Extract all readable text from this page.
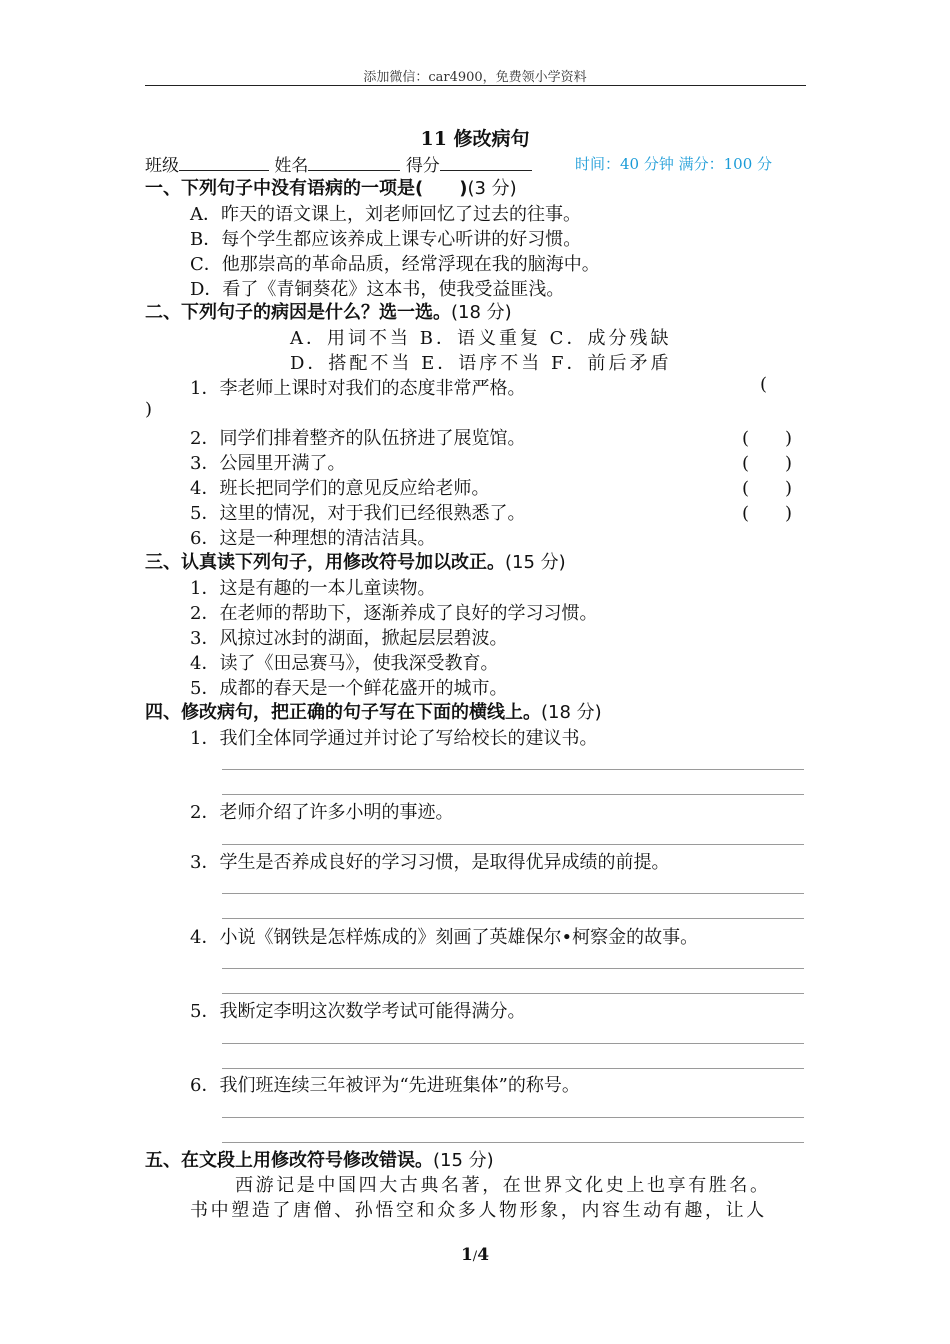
添加微信：car4900，免费领小学资料
11 修改病句
班级	姓名	得分	时间：40 分钟 满分：100 分
一、下列句子中没有语病的一项是(　　)(3 分)
A．昨天的语文课上，刘老师回忆了过去的往事。
B．每个学生都应该养成上课专心听讲的好习惯。
C．他那崇高的革命品质，经常浮现在我的脑海中。
D．看了《青铜葵花》这本书，使我受益匪浅。
二、下列句子的病因是什么？选一选。(18 分)
A．用词不当 B．语义重复 C．成分残缺
D．搭配不当 E．语序不当 F．前后矛盾
1．李老师上课时对我们的态度非常严格。	(
)
2．同学们排着整齐的队伍挤进了展览馆。	(　　)
3．公园里开满了。	(　　)
4．班长把同学们的意见反应给老师。	(　　)
5．这里的情况，对于我们已经很熟悉了。	(　　)
6．这是一种理想的清洁洁具。
三、认真读下列句子，用修改符号加以改正。(15 分)
1．这是有趣的一本儿童读物。
2．在老师的帮助下，逐渐养成了良好的学习习惯。
3．风掠过冰封的湖面，掀起层层碧波。
4．读了《田忌赛马》，使我深受教育。
5．成都的春天是一个鲜花盛开的城市。
四、修改病句，把正确的句子写在下面的横线上。(18 分)
1．我们全体同学通过并讨论了写给校长的建议书。
2．老师介绍了许多小明的事迹。
3．学生是否养成良好的学习习惯，是取得优异成绩的前提。
4．小说《钢铁是怎样炼成的》刻画了英雄保尔•柯察金的故事。
5．我断定李明这次数学考试可能得满分。
6．我们班连续三年被评为“先进班集体”的称号。
五、在文段上用修改符号修改错误。(15 分)
西游记是中国四大古典名著，在世界文化史上也享有胜名。
书中塑造了唐僧、孙悟空和众多人物形象，内容生动有趣，让人
1/4
